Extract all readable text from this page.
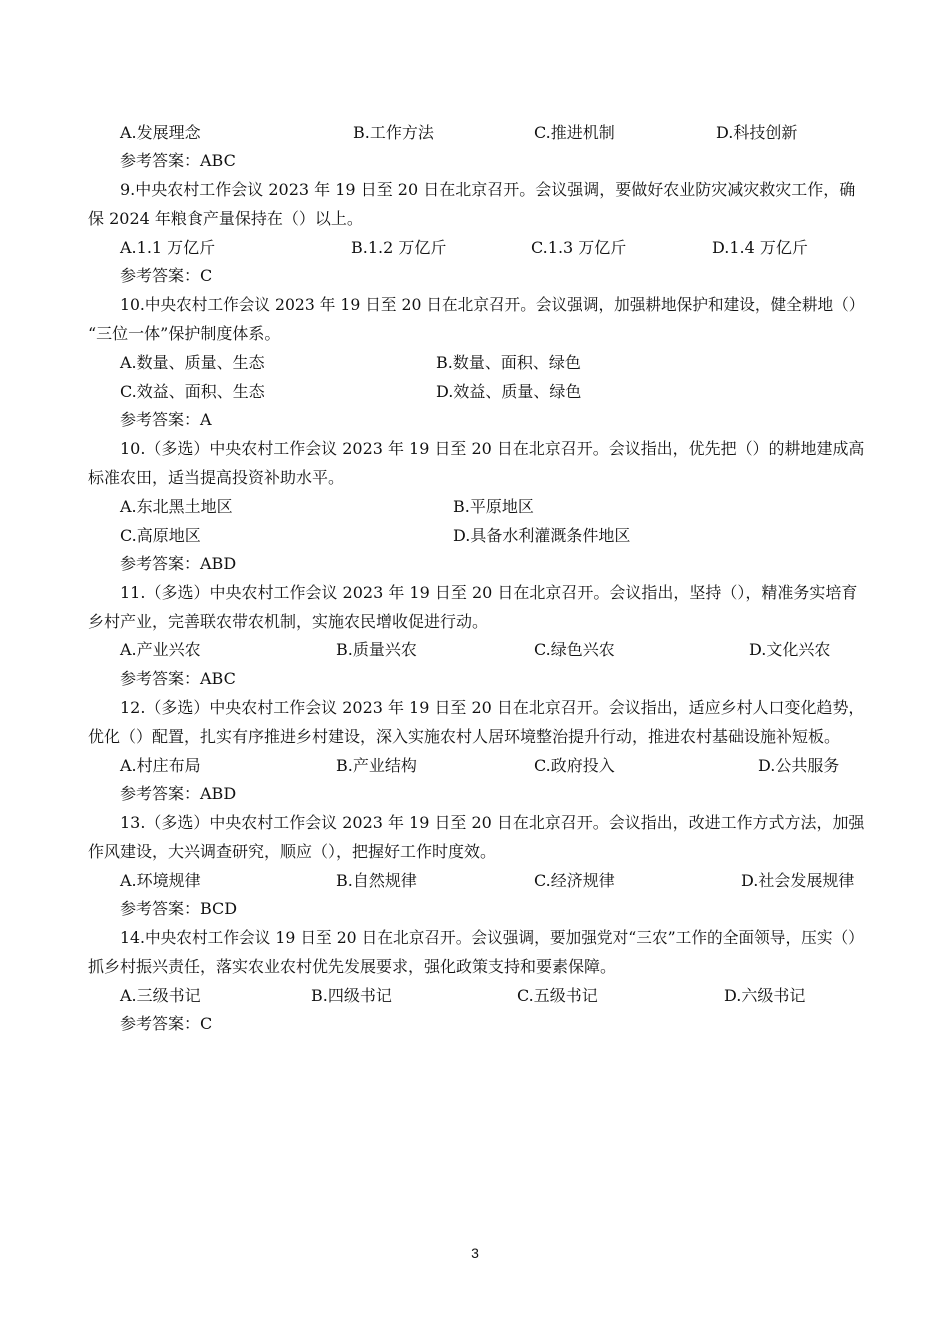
A.发展理念	B.工作方法	C.推进机制	D.科技创新
参考答案：ABC
9.中央农村工作会议 2023 年 19 日至 20 日在北京召开。会议强调，要做好农业防灾减灾救灾工作，确
保 2024 年粮食产量保持在（）以上。
A.1.1 万亿斤	B.1.2 万亿斤	C.1.3 万亿斤	D.1.4 万亿斤
参考答案：C
10.中央农村工作会议 2023 年 19 日至 20 日在北京召开。会议强调，加强耕地保护和建设，健全耕地（）
“三位一体”保护制度体系。
A.数量、质量、生态	B.数量、面积、绿色
C.效益、面积、生态	D.效益、质量、绿色
参考答案：A
10.（多选）中央农村工作会议 2023 年 19 日至 20 日在北京召开。会议指出，优先把（）的耕地建成高
标准农田，适当提高投资补助水平。
A.东北黑土地区	B.平原地区
C.高原地区	D.具备水利灌溉条件地区
参考答案：ABD
11.（多选）中央农村工作会议 2023 年 19 日至 20 日在北京召开。会议指出，坚持（），精准务实培育
乡村产业，完善联农带农机制，实施农民增收促进行动。
A.产业兴农	B.质量兴农	C.绿色兴农	D.文化兴农
参考答案：ABC
12.（多选）中央农村工作会议 2023 年 19 日至 20 日在北京召开。会议指出，适应乡村人口变化趋势，
优化（）配置，扎实有序推进乡村建设，深入实施农村人居环境整治提升行动，推进农村基础设施补短板。
A.村庄布局	B.产业结构	C.政府投入	D.公共服务
参考答案：ABD
13.（多选）中央农村工作会议 2023 年 19 日至 20 日在北京召开。会议指出，改进工作方式方法，加强
作风建设，大兴调查研究，顺应（），把握好工作时度效。
A.环境规律	B.自然规律	C.经济规律	D.社会发展规律
参考答案：BCD
14.中央农村工作会议 19 日至 20 日在北京召开。会议强调，要加强党对“三农”工作的全面领导，压实（）
抓乡村振兴责任，落实农业农村优先发展要求，强化政策支持和要素保障。
A.三级书记	B.四级书记	C.五级书记	D.六级书记
参考答案：C
3
